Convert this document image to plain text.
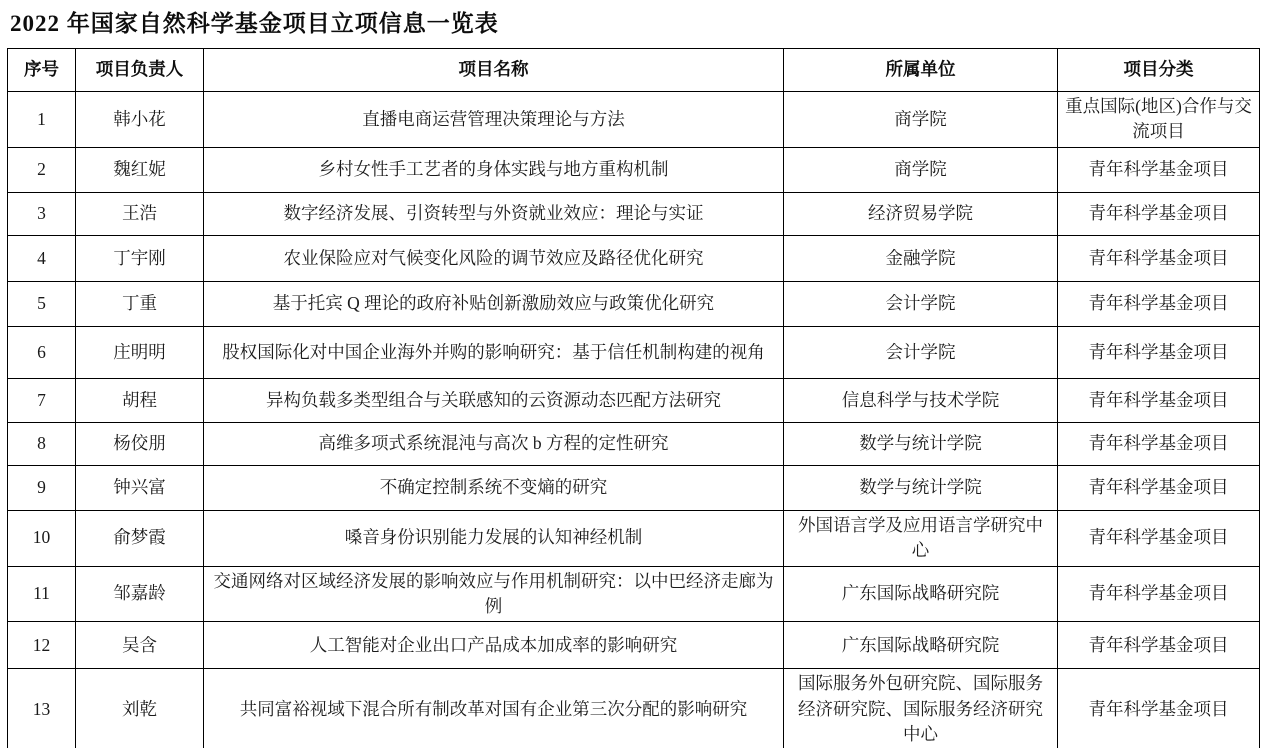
2022 年国家自然科学基金项目立项信息一览表
序号	项目负责人	项目名称	所属单位	项目分类
1	韩小花	直播电商运营管理决策理论与方法	商学院	重点国际(地区)合作与交流项目
2	魏红妮	乡村女性手工艺者的身体实践与地方重构机制	商学院	青年科学基金项目
3	王浩	数字经济发展、引资转型与外资就业效应：理论与实证	经济贸易学院	青年科学基金项目
4	丁宇刚	农业保险应对气候变化风险的调节效应及路径优化研究	金融学院	青年科学基金项目
5	丁重	基于托宾 Q 理论的政府补贴创新激励效应与政策优化研究	会计学院	青年科学基金项目
6	庄明明	股权国际化对中国企业海外并购的影响研究：基于信任机制构建的视角	会计学院	青年科学基金项目
7	胡程	异构负载多类型组合与关联感知的云资源动态匹配方法研究	信息科学与技术学院	青年科学基金项目
8	杨佼朋	高维多项式系统混沌与高次 b 方程的定性研究	数学与统计学院	青年科学基金项目
9	钟兴富	不确定控制系统不变熵的研究	数学与统计学院	青年科学基金项目
10	俞梦霞	嗓音身份识别能力发展的认知神经机制	外国语言学及应用语言学研究中心	青年科学基金项目
11	邹嘉龄	交通网络对区域经济发展的影响效应与作用机制研究：以中巴经济走廊为例	广东国际战略研究院	青年科学基金项目
12	吴含	人工智能对企业出口产品成本加成率的影响研究	广东国际战略研究院	青年科学基金项目
13	刘乾	共同富裕视域下混合所有制改革对国有企业第三次分配的影响研究	国际服务外包研究院、国际服务经济研究院、国际服务经济研究中心	青年科学基金项目
